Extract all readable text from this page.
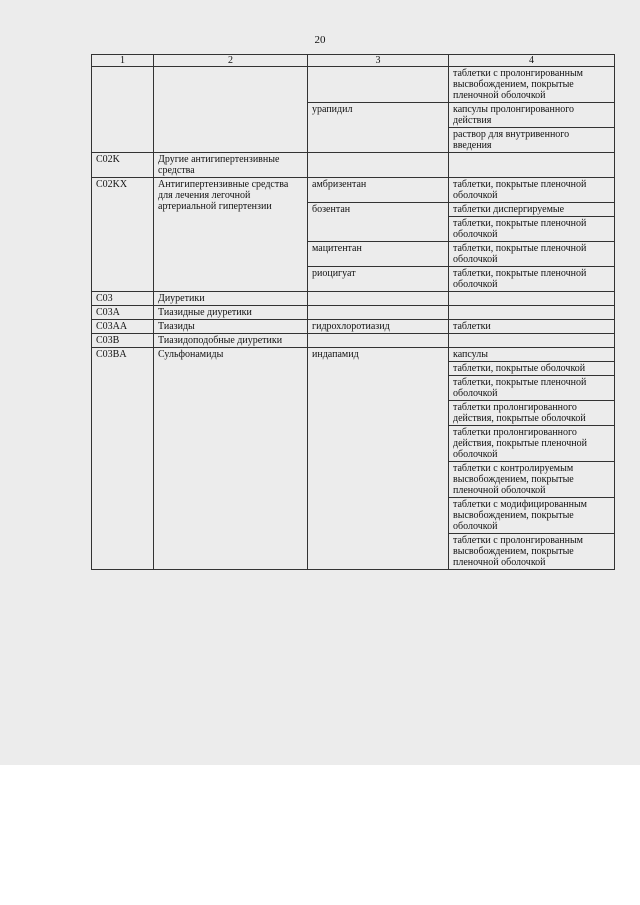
20
1	2	3	4
			таблетки с пролонгированным высвобождением, покрытые пленочной оболочкой
		урапидил	капсулы пролонгированного действия
			раствор для внутривенного введения
C02K	Другие антигипертензивные средства		
C02KX	Антигипертензивные средства для лечения легочной артериальной гипертензии	амбризентан	таблетки, покрытые пленочной оболочкой
		бозентан	таблетки диспергируемые
			таблетки, покрытые пленочной оболочкой
		мацитентан	таблетки, покрытые пленочной оболочкой
		риоцигуат	таблетки, покрытые пленочной оболочкой
C03	Диуретики		
C03A	Тиазидные диуретики		
C03AA	Тиазиды	гидрохлоротиазид	таблетки
C03B	Тиазидоподобные диуретики		
C03BA	Сульфонамиды	индапамид	капсулы
			таблетки, покрытые оболочкой
			таблетки, покрытые пленочной оболочкой
			таблетки пролонгированного действия, покрытые оболочкой
			таблетки пролонгированного действия, покрытые пленочной оболочкой
			таблетки с контролируемым высвобождением, покрытые пленочной оболочкой
			таблетки с модифицированным высвобождением, покрытые оболочкой
			таблетки с пролонгированным высвобождением, покрытые пленочной оболочкой
